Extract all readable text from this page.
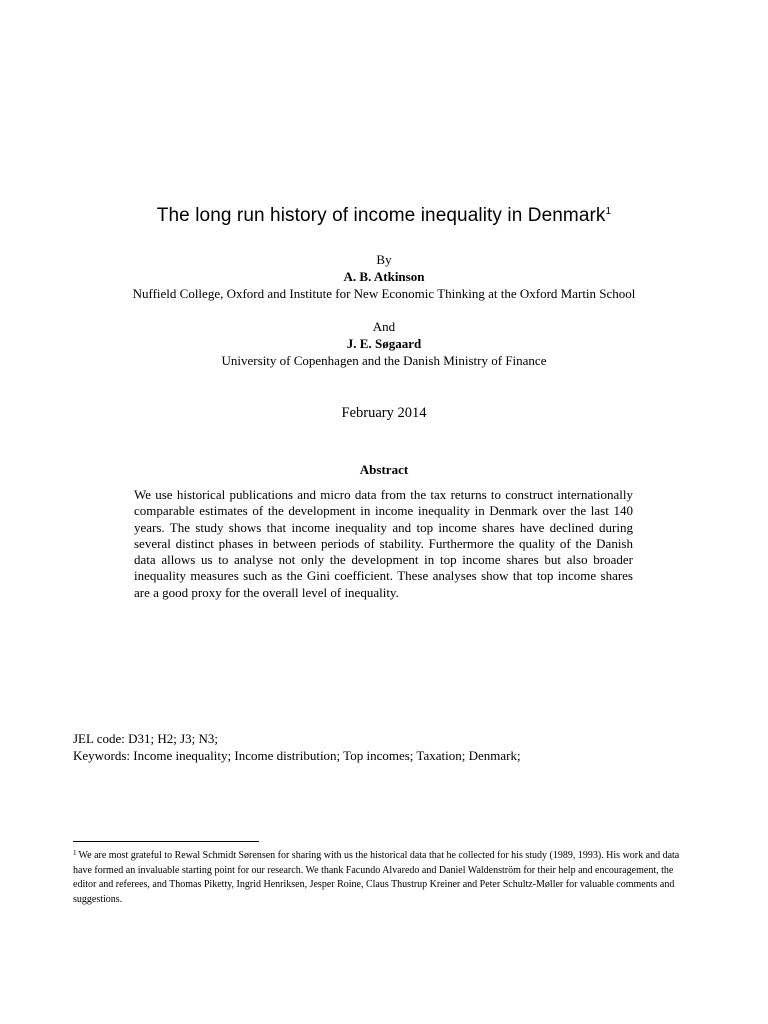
The long run history of income inequality in Denmark$^1$
By
A. B. Atkinson
Nuffield College, Oxford and Institute for New Economic Thinking at the Oxford Martin School
And
J. E. Søgaard
University of Copenhagen and the Danish Ministry of Finance
February 2014
Abstract
We use historical publications and micro data from the tax returns to construct internationally comparable estimates of the development in income inequality in Denmark over the last 140 years. The study shows that income inequality and top income shares have declined during several distinct phases in between periods of stability. Furthermore the quality of the Danish data allows us to analyse not only the development in top income shares but also broader inequality measures such as the Gini coefficient. These analyses show that top income shares are a good proxy for the overall level of inequality.
JEL code: D31; H2; J3; N3;
Keywords: Income inequality; Income distribution; Top incomes; Taxation; Denmark;
$^1$ We are most grateful to Rewal Schmidt Sørensen for sharing with us the historical data that he collected for his study (1989, 1993). His work and data have formed an invaluable starting point for our research. We thank Facundo Alvaredo and Daniel Waldenström for their help and encouragement, the editor and referees, and Thomas Piketty, Ingrid Henriksen, Jesper Roine, Claus Thustrup Kreiner and Peter Schultz-Møller for valuable comments and suggestions.
